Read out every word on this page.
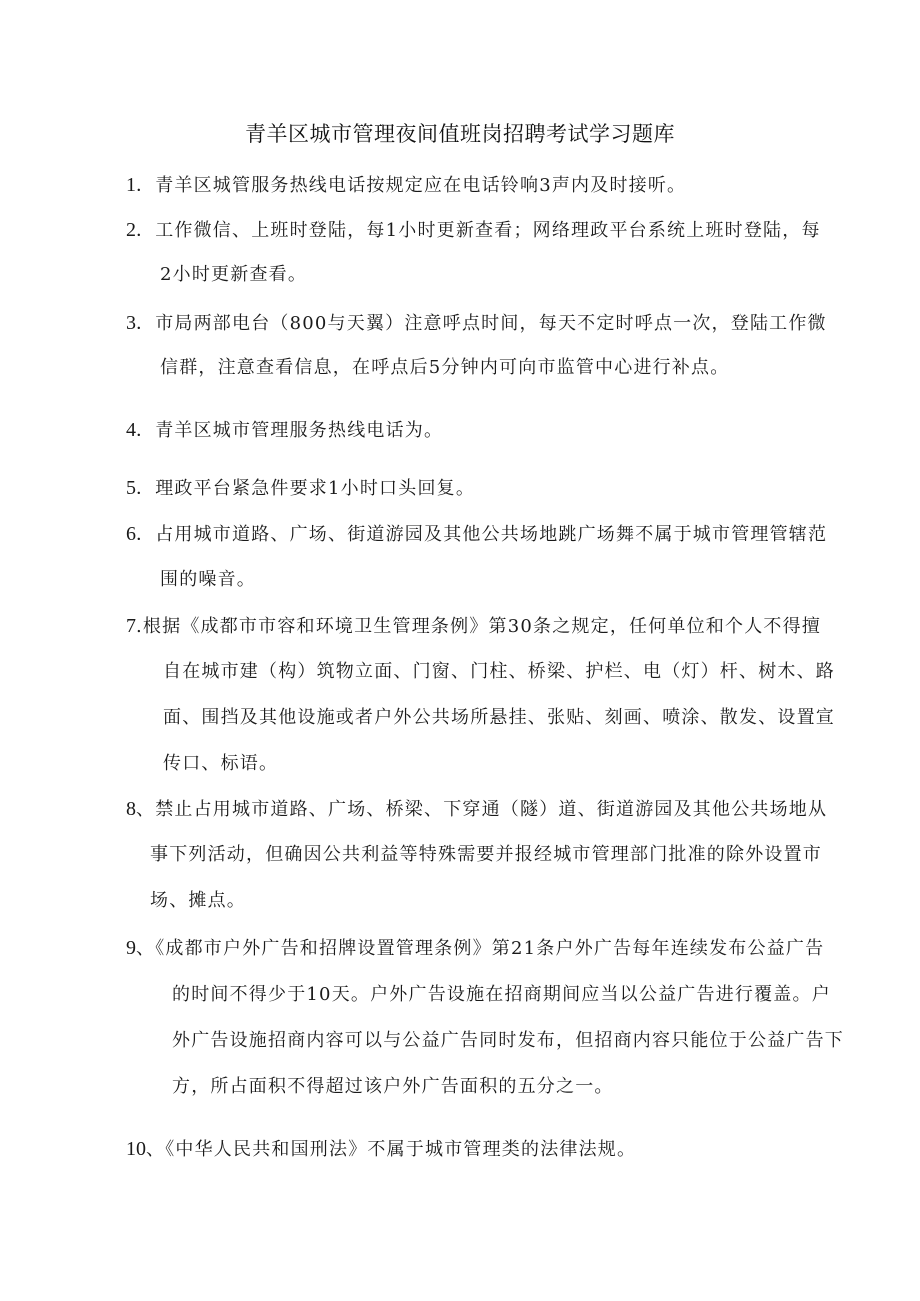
青羊区城市管理夜间值班岗招聘考试学习题库
1．青羊区城管服务热线电话按规定应在电话铃响3声内及时接听。
2．工作微信、上班时登陆，每1小时更新查看；网络理政平台系统上班时登陆，每
2小时更新查看。
3．市局两部电台（800与天翼）注意呼点时间，每天不定时呼点一次，登陆工作微
信群，注意查看信息，在呼点后5分钟内可向市监管中心进行补点。
4．青羊区城市管理服务热线电话为。
5．理政平台紧急件要求1小时口头回复。
6．占用城市道路、广场、街道游园及其他公共场地跳广场舞不属于城市管理管辖范
围的噪音。
7.根据《成都市市容和环境卫生管理条例》第30条之规定，任何单位和个人不得擅
自在城市建（构）筑物立面、门窗、门柱、桥梁、护栏、电（灯）杆、树木、路
面、围挡及其他设施或者户外公共场所悬挂、张贴、刻画、喷涂、散发、设置宣
传口、标语。
8、禁止占用城市道路、广场、桥梁、下穿通（隧）道、街道游园及其他公共场地从
事下列活动，但确因公共利益等特殊需要并报经城市管理部门批准的除外设置市
场、摊点。
9、《成都市户外广告和招牌设置管理条例》第21条户外广告每年连续发布公益广告
的时间不得少于10天。户外广告设施在招商期间应当以公益广告进行覆盖。户
外广告设施招商内容可以与公益广告同时发布，但招商内容只能位于公益广告下
方，所占面积不得超过该户外广告面积的五分之一。
10、《中华人民共和国刑法》不属于城市管理类的法律法规。
